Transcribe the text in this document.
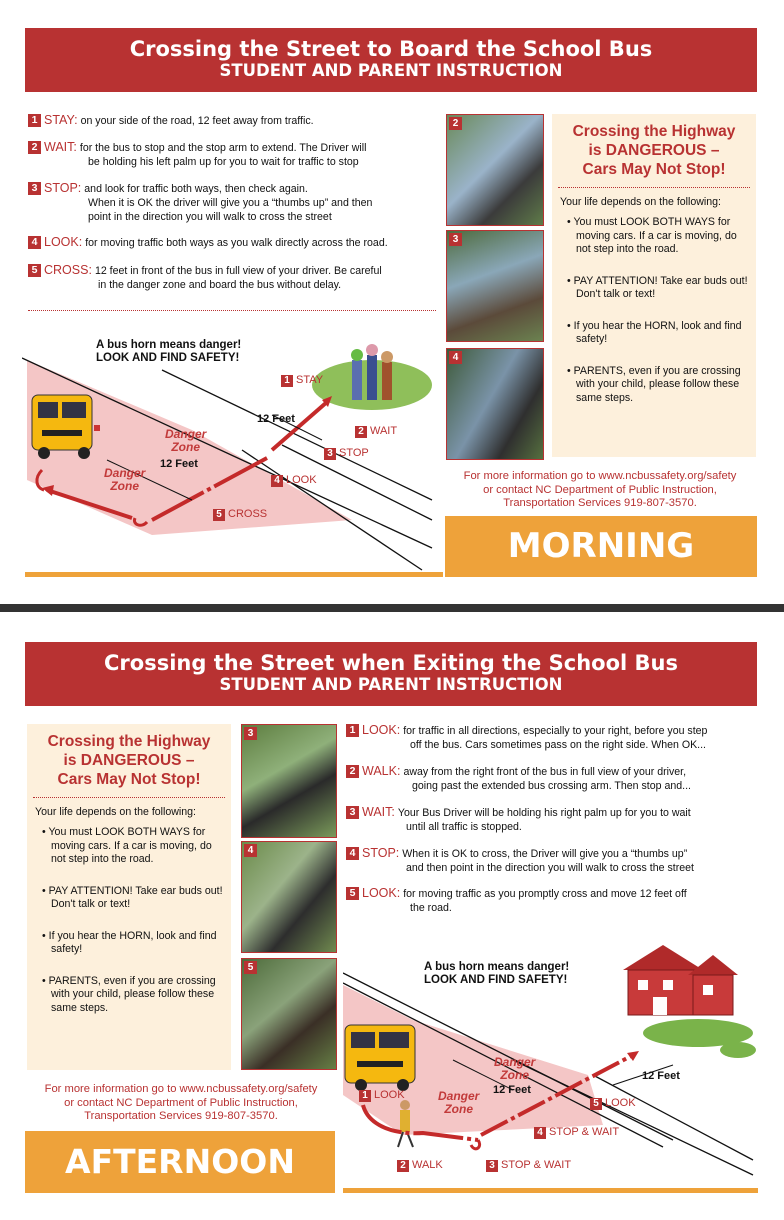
Crossing the Street to Board the School Bus
STUDENT AND PARENT INSTRUCTION
1 STAY: on your side of the road, 12 feet away from traffic.
2 WAIT: for the bus to stop and the stop arm to extend. The Driver will
be holding his left palm up for you to wait for traffic to stop
3 STOP: and look for traffic both ways, then check again.
When it is OK the driver will give you a “thumbs up” and then
point in the direction you will walk to cross the street
4 LOOK: for moving traffic both ways as you walk directly across the road.
5 CROSS: 12 feet in front of the bus in full view of your driver. Be careful
in the danger zone and board the bus without delay.
A bus horn means danger!
LOOK AND FIND SAFETY!
Danger
Zone
Danger
Zone
12 Feet
12 Feet
1 STAY
2 WAIT
3 STOP
4 LOOK
5 CROSS
2
3
4
Crossing the Highway
is DANGEROUS –
Cars May Not Stop!
Your life depends on the following:
• You must LOOK BOTH WAYS for moving cars. If a car is moving, do not step into the road.
• PAY ATTENTION! Take ear buds out! Don't talk or text!
• If you hear the HORN, look and find safety!
• PARENTS, even if you are crossing with your child, please follow these same steps.
For more information go to www.ncbussafety.org/safety
or contact NC Department of Public Instruction,
Transportation Services 919-807-3570.
MORNING
Crossing the Street when Exiting the School Bus
STUDENT AND PARENT INSTRUCTION
Crossing the Highway
is DANGEROUS –
Cars May Not Stop!
Your life depends on the following:
• You must LOOK BOTH WAYS for moving cars. If a car is moving, do not step into the road.
• PAY ATTENTION! Take ear buds out! Don't talk or text!
• If you hear the HORN, look and find safety!
• PARENTS, even if you are crossing with your child, please follow these same steps.
For more information go to www.ncbussafety.org/safety
or contact NC Department of Public Instruction,
Transportation Services 919-807-3570.
AFTERNOON
3
4
5
1 LOOK: for traffic in all directions, especially to your right, before you step
off the bus. Cars sometimes pass on the right side. When OK...
2 WALK: away from the right front of the bus in full view of your driver,
going past the extended bus crossing arm. Then stop and...
3 WAIT: Your Bus Driver will be holding his right palm up for you to wait
until all traffic is stopped.
4 STOP: When it is OK to cross, the Driver will give you a “thumbs up”
and then point in the direction you will walk to cross the street
5 LOOK: for moving traffic as you promptly cross and move 12 feet off
the road.
A bus horn means danger!
LOOK AND FIND SAFETY!
Danger
Zone
Danger
Zone
12 Feet
12 Feet
1 LOOK
2 WALK	3 STOP & WAIT
4 STOP & WAIT
5 LOOK
